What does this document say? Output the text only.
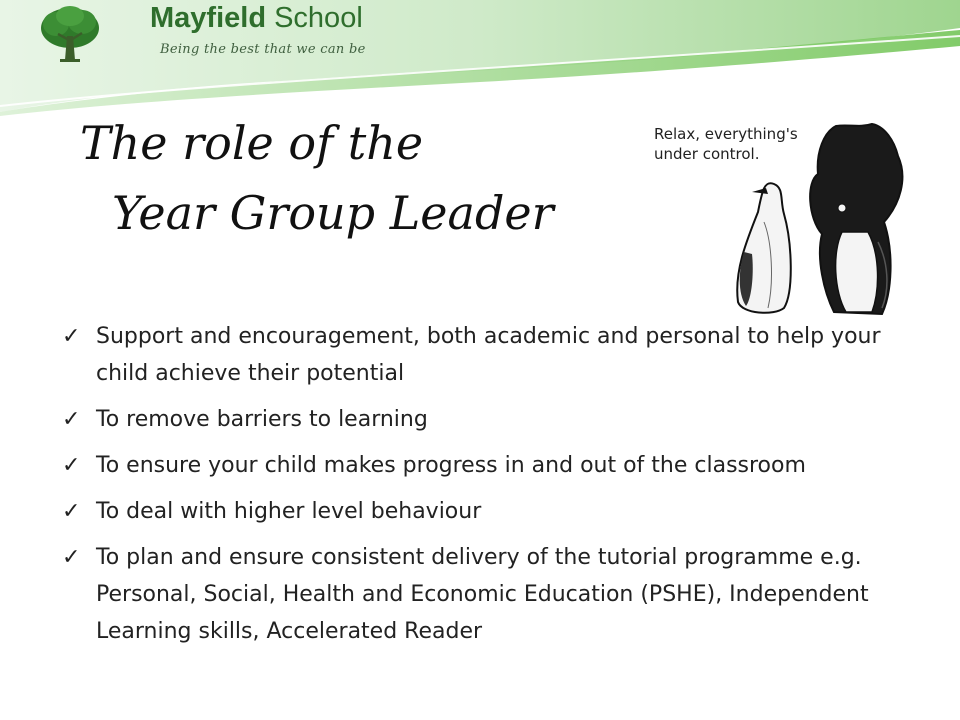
Mayfield School
Being the best that we can be
The role of the
Year Group Leader
Relax, everything's
under control.
✓ Support and encouragement, both academic and personal to help your child achieve their potential
✓ To remove barriers to learning
✓ To ensure your child makes progress in and out of the classroom
✓ To deal with higher level behaviour
✓ To plan and ensure consistent delivery of the tutorial programme e.g. Personal, Social, Health and Economic Education (PSHE), Independent Learning skills, Accelerated Reader
